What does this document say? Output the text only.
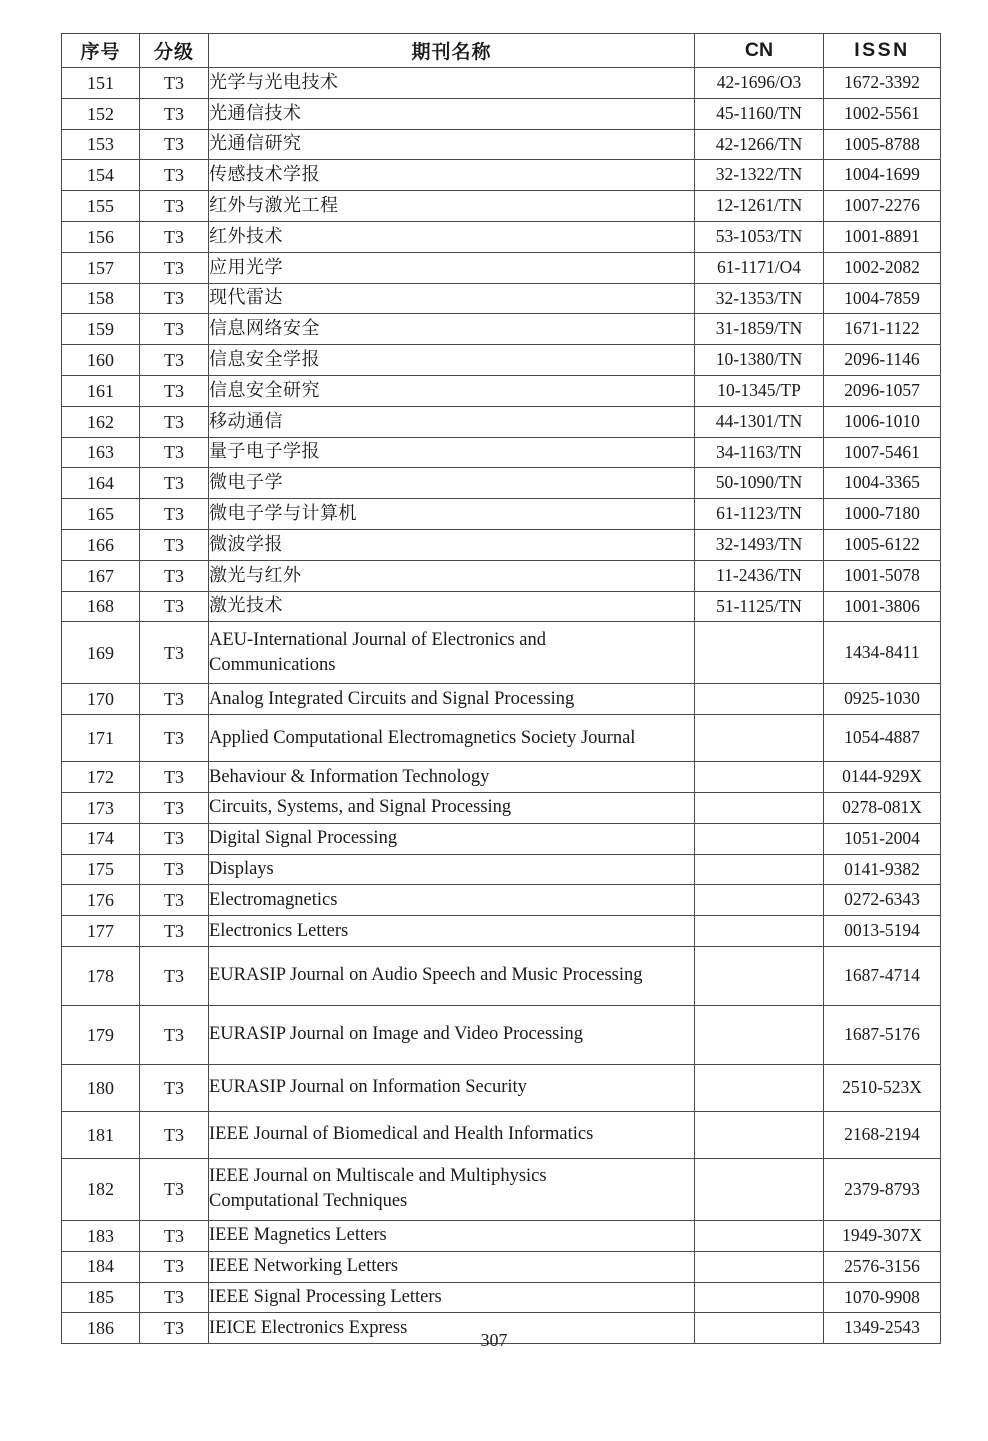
序号	分级	期刊名称	CN	ISSN
151	T3	光学与光电技术	42-1696/O3	1672-3392
152	T3	光通信技术	45-1160/TN	1002-5561
153	T3	光通信研究	42-1266/TN	1005-8788
154	T3	传感技术学报	32-1322/TN	1004-1699
155	T3	红外与激光工程	12-1261/TN	1007-2276
156	T3	红外技术	53-1053/TN	1001-8891
157	T3	应用光学	61-1171/O4	1002-2082
158	T3	现代雷达	32-1353/TN	1004-7859
159	T3	信息网络安全	31-1859/TN	1671-1122
160	T3	信息安全学报	10-1380/TN	2096-1146
161	T3	信息安全研究	10-1345/TP	2096-1057
162	T3	移动通信	44-1301/TN	1006-1010
163	T3	量子电子学报	34-1163/TN	1007-5461
164	T3	微电子学	50-1090/TN	1004-3365
165	T3	微电子学与计算机	61-1123/TN	1000-7180
166	T3	微波学报	32-1493/TN	1005-6122
167	T3	激光与红外	11-2436/TN	1001-5078
168	T3	激光技术	51-1125/TN	1001-3806
169	T3	AEU-International Journal of Electronics and
Communications		1434-8411
170	T3	Analog Integrated Circuits and Signal Processing		0925-1030
171	T3	Applied Computational Electromagnetics Society Journal		1054-4887
172	T3	Behaviour & Information Technology		0144-929X
173	T3	Circuits, Systems, and Signal Processing		0278-081X
174	T3	Digital Signal Processing		1051-2004
175	T3	Displays		0141-9382
176	T3	Electromagnetics		0272-6343
177	T3	Electronics Letters		0013-5194
178	T3	EURASIP Journal on Audio Speech and Music Processing		1687-4714
179	T3	EURASIP Journal on Image and Video Processing		1687-5176
180	T3	EURASIP Journal on Information Security		2510-523X
181	T3	IEEE Journal of Biomedical and Health Informatics		2168-2194
182	T3	IEEE Journal on Multiscale and Multiphysics
Computational Techniques		2379-8793
183	T3	IEEE Magnetics Letters		1949-307X
184	T3	IEEE Networking Letters		2576-3156
185	T3	IEEE Signal Processing Letters		1070-9908
186	T3	IEICE Electronics Express		1349-2543
307
